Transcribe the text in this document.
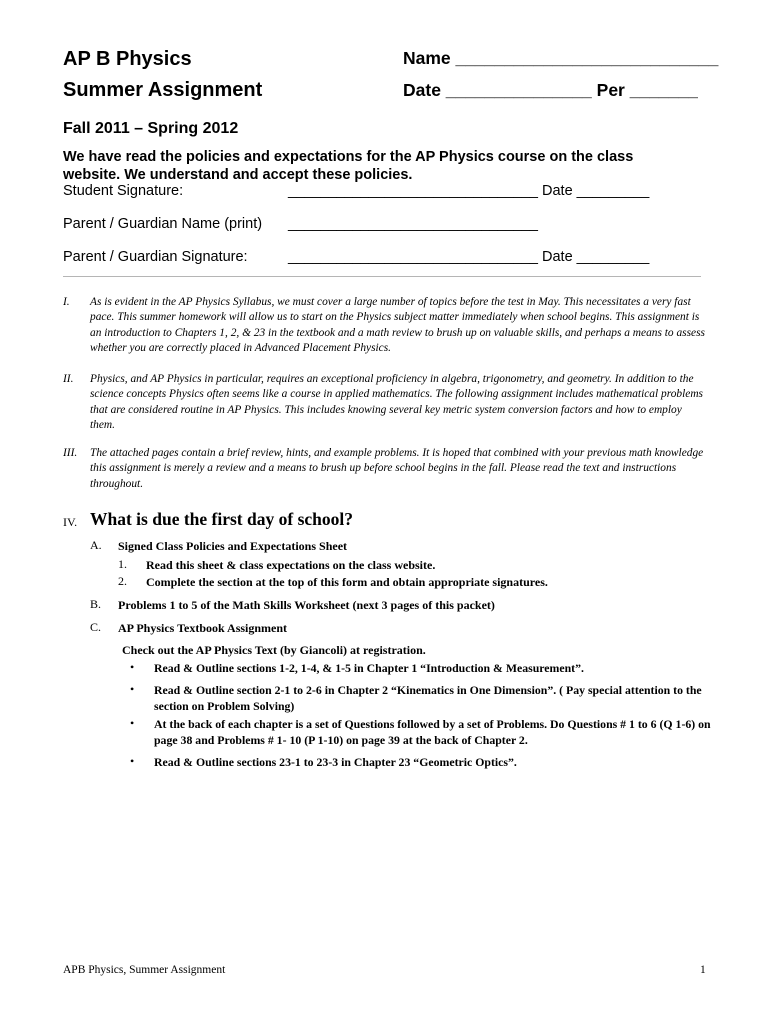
AP B Physics
Summer Assignment
Name ___________________________
Date _______________ Per _______
Fall 2011 – Spring 2012
We have read the policies and expectations for the AP Physics course on the class
website. We understand and accept these policies.
Student Signature:	_______________________________ Date _________
Parent / Guardian Name (print) _______________________________
Parent / Guardian Signature:	_______________________________ Date _________
I. As is evident in the AP Physics Syllabus, we must cover a large number of topics before the test in May. This necessitates a very fast pace. This summer homework will allow us to start on the Physics subject matter immediately when school begins. This assignment is an introduction to Chapters 1, 2, & 23 in the textbook and a math review to brush up on valuable skills, and perhaps a means to assess whether you are correctly placed in Advanced Placement Physics.
II. Physics, and AP Physics in particular, requires an exceptional proficiency in algebra, trigonometry, and geometry. In addition to the science concepts Physics often seems like a course in applied mathematics. The following assignment includes mathematical problems that are considered routine in AP Physics. This includes knowing several key metric system conversion factors and how to employ them.
III. The attached pages contain a brief review, hints, and example problems. It is hoped that combined with your previous math knowledge this assignment is merely a review and a means to brush up before school begins in the fall. Please read the text and instructions throughout.
IV. What is due the first day of school?
A. Signed Class Policies and Expectations Sheet
1. Read this sheet & class expectations on the class website.
2. Complete the section at the top of this form and obtain appropriate signatures.
B. Problems 1 to 5 of the Math Skills Worksheet (next 3 pages of this packet)
C. AP Physics Textbook Assignment
Check out the AP Physics Text (by Giancoli) at registration.
• Read & Outline sections 1-2, 1-4, & 1-5 in Chapter 1 “Introduction & Measurement”.
• Read & Outline section 2-1 to 2-6 in Chapter 2 “Kinematics in One Dimension”. ( Pay special attention to the section on Problem Solving)
• At the back of each chapter is a set of Questions followed by a set of Problems. Do Questions # 1 to 6 (Q 1-6) on page 38 and Problems # 1- 10 (P 1-10) on page 39 at the back of Chapter 2.
• Read & Outline sections 23-1 to 23-3 in Chapter 23 “Geometric Optics”.
APB Physics, Summer Assignment	1
